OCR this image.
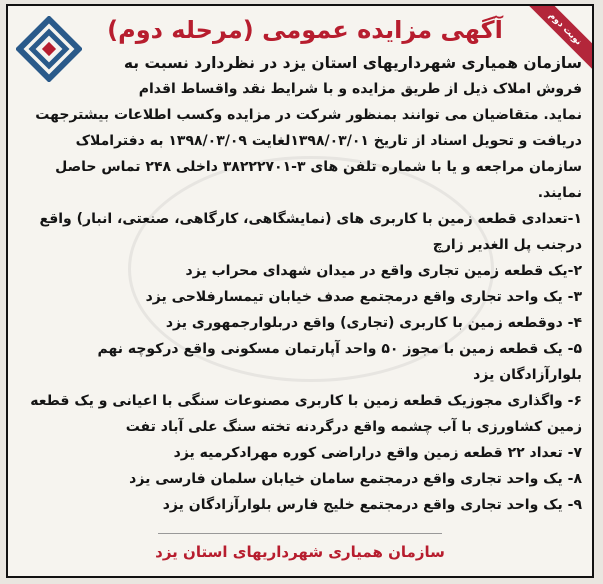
نوبت دوم
آگهی مزایده عمومی (مرحله دوم)
سازمان همیاری شهرداریهای استان یزد در نظردارد نسبت به
فروش املاک ذیل از طریق مزایده و با شرایط نقد واقساط اقدام
نماید. متقاضیان می توانند بمنظور شرکت در مزایده وکسب اطلاعات بیشترجهت
دریافت و تحویل اسناد از تاریخ ۱۳۹۸/۰۳/۰۱لغایت ۱۳۹۸/۰۳/۰۹ به دفتراملاک
سازمان مراجعه و یا با شماره تلفن های ۳-۳۸۲۲۲۷۰۱ داخلی ۲۴۸ تماس حاصل
نمایند.
۱-تعدادی قطعه زمین با کاربری های (نمایشگاهی، کارگاهی، صنعتی، انبار) واقع
درجنب پل الغدیر زارچ
۲-یک قطعه زمین تجاری واقع در میدان شهدای محراب یزد
۳- یک واحد تجاری واقع درمجتمع صدف خیابان تیمسارفلاحی یزد
۴- دوقطعه زمین با کاربری (تجاری) واقع دربلوارجمهوری یزد
۵- یک قطعه زمین با مجوز ۵۰ واحد آپارتمان مسکونی واقع درکوچه نهم
بلوارآزادگان یزد
۶- واگذاری مجوزیک قطعه زمین با کاربری مصنوعات سنگی با اعیانی و یک قطعه
زمین کشاورزی با آب چشمه واقع درگردنه تخته سنگ علی آباد تفت
۷- تعداد ۲۲ قطعه زمین واقع دراراضی کوره مهرادکرمیه یزد
۸- یک واحد تجاری واقع درمجتمع سامان خیابان سلمان فارسی یزد
۹- یک واحد تجاری واقع درمجتمع خلیج فارس بلوارآزادگان یزد
سازمان همیاری شهرداریهای استان یزد
